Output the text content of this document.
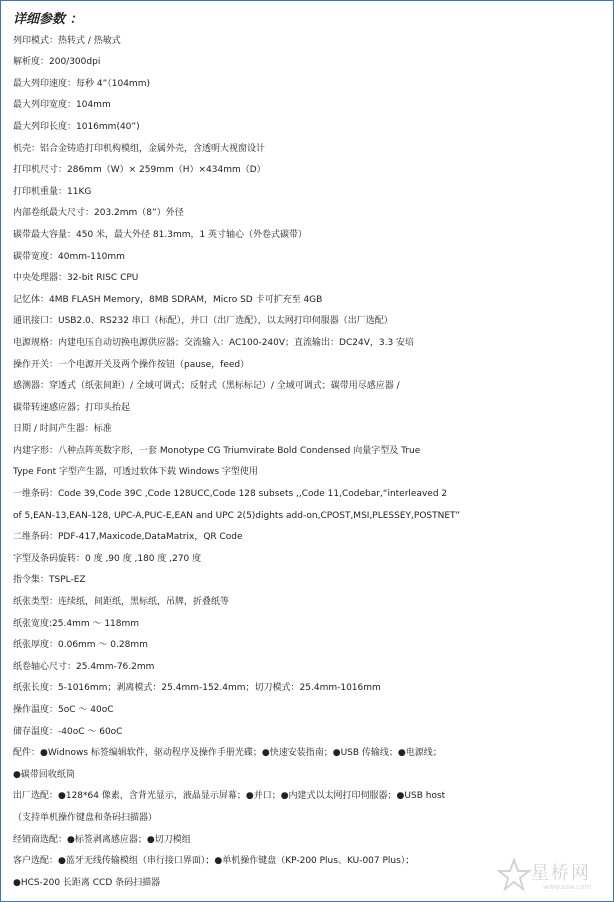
详细参数 ：
列印模式：热转式 / 热敏式
解析度：200/300dpi
最大列印速度：每秒 4”（104mm)
最大列印宽度：104mm
最大列印长度：1016mm(40”)
机壳：铝合金铸造打印机构模组，金属外壳，含透明大视窗设计
打印机尺寸：286mm（W）× 259mm（H）×434mm（D）
打印机重量：11KG
内部卷纸最大尺寸：203.2mm（8”）外径
碳带最大容量：450 米，最大外径 81.3mm，1 英寸轴心（外卷式碳带）
碳带宽度：40mm-110mm
中央处理器：32-bit RISC CPU
记忆体：4MB FLASH Memory，8MB SDRAM，Micro SD 卡可扩充至 4GB
通讯接口：USB2.0、RS232 串口（标配），并口（出厂选配），以太网打印伺服器（出厂选配）
电源规格：内建电压自动切换电源供应器；交流输入：AC100-240V；直流输出：DC24V，3.3 安培
操作开关：一个电源开关及两个操作按钮（pause，feed）
感测器：穿透式（纸张间距）/ 全域可调式；反射式（黑标标记）/ 全域可调式；碳带用尽感应器 /
碳带转速感应器；打印头抬起
日期 / 时间产生器：标准
内建字形：八种点阵英数字形，一套 Monotype CG Triumvirate Bold Condensed 向量字型及 True
Type Font 字型产生器，可透过软体下载 Windows 字型使用
一维条码：Code 39,Code 39C ,Code 128UCC,Code 128 subsets ,,Code 11,Codebar,“interleaved 2
of 5,EAN-13,EAN-128, UPC-A,PUC-E,EAN and UPC 2(5)dights add-on,CPOST,MSI,PLESSEY,POSTNET”
二维条码：PDF-417,Maxicode,DataMatrix，QR Code
字型及条码旋转：0 度 ,90 度 ,180 度 ,270 度
指令集：TSPL-EZ
纸张类型：连续纸，间距纸，黑标纸，吊牌，折叠纸等
纸张宽度:25.4mm ～ 118mm
纸张厚度：0.06mm ～ 0.28mm
纸卷轴心尺寸：25.4mm-76.2mm
纸张长度：5-1016mm；剥离模式：25.4mm-152.4mm；切刀模式：25.4mm-1016mm
操作温度：5oC ～ 40oC
储存温度：-40oC ～ 60oC
配件：●Widnows 标签编辑软件，驱动程序及操作手册光碟；●快速安装指南；●USB 传输线；●电源线；
●碳带回收纸筒
出厂选配：●128*64 像素，含背光显示，液晶显示屏幕；●并口；●内建式以太网打印伺服器；●USB host
（支持单机操作键盘和条码扫描器）
经销商选配：●标签剥离感应器；●切刀模组
客户选配：●蓝牙无线传输模组（串行接口界面）；●单机操作键盘（KP-200 Plus、KU-007 Plus）；
●HCS-200 长距离 CCD 条码扫描器	星桥网
www.ssw.com
